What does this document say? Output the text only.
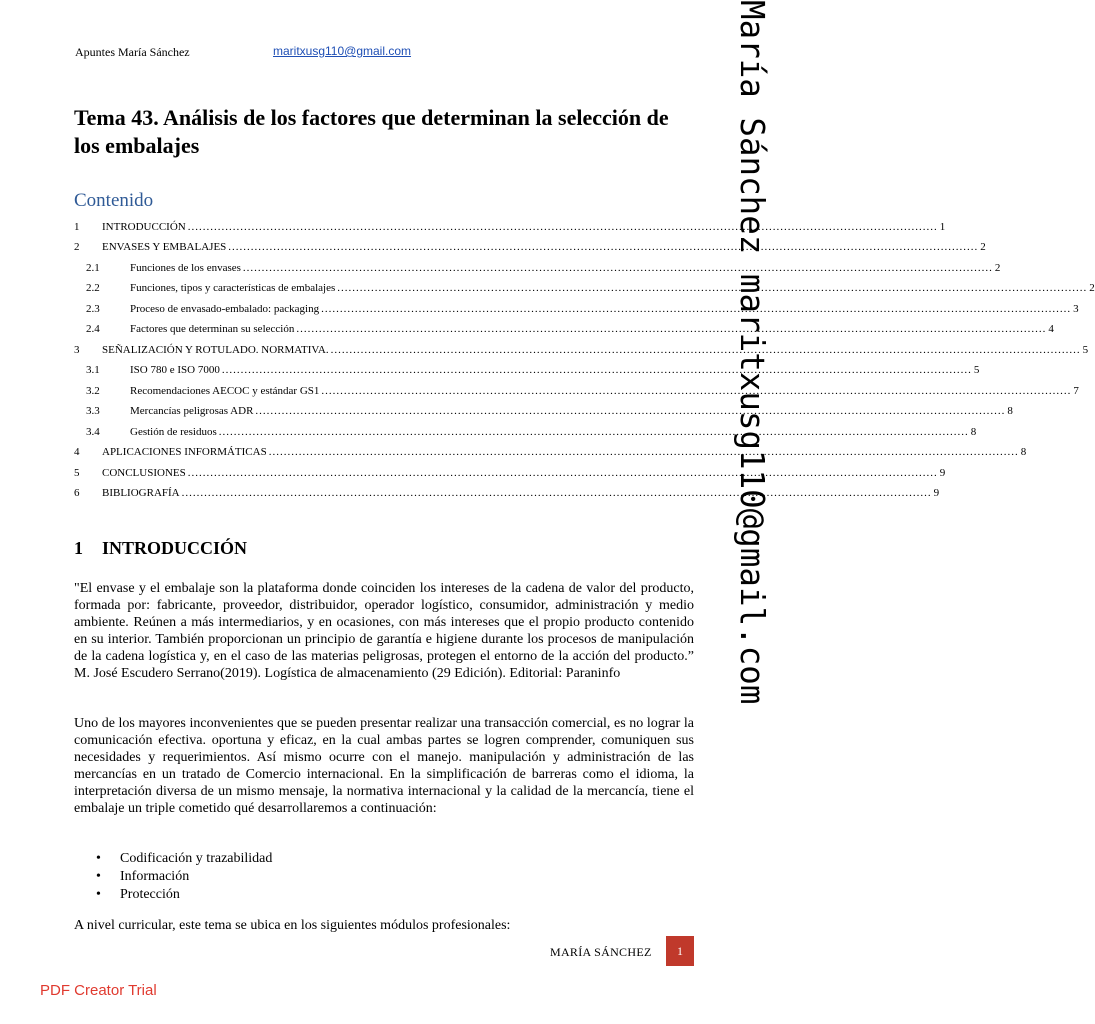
Apuntes María Sánchez	maritxusg110@gmail.com
Tema 43. Análisis de los factores que determinan la selección de los embalajes
Contenido
1	INTRODUCCIÓN ........................................................................................................................................................................................................ 1
2	ENVASES Y EMBALAJES ........................................................................................................................................................................................................ 2
2.1	Funciones de los envases ........................................................................................................................................................................................................ 2
2.2	Funciones, tipos y características de embalajes ........................................................................................................................................................................................................ 2
2.3	Proceso de envasado-embalado: packaging ........................................................................................................................................................................................................ 3
2.4	Factores que determinan su selección ........................................................................................................................................................................................................ 4
3	SEÑALIZACIÓN Y ROTULADO. NORMATIVA. ........................................................................................................................................................................................................ 5
3.1	ISO 780 e ISO 7000 ........................................................................................................................................................................................................ 5
3.2	Recomendaciones AECOC y estándar GS1 ........................................................................................................................................................................................................ 7
3.3	Mercancías peligrosas ADR ........................................................................................................................................................................................................ 8
3.4	Gestión de residuos ........................................................................................................................................................................................................ 8
4	APLICACIONES INFORMÁTICAS ........................................................................................................................................................................................................ 8
5	CONCLUSIONES ........................................................................................................................................................................................................ 9
6	BIBLIOGRAFÍA ........................................................................................................................................................................................................ 9
1 INTRODUCCIÓN
"El envase y el embalaje son la plataforma donde coinciden los intereses de la cadena de valor del producto, formada por: fabricante, proveedor, distribuidor, operador logístico, consumidor, administración y medio ambiente. Reúnen a más intermediarios, y en ocasiones, con más intereses que el propio producto contenido en su interior. También proporcionan un principio de garantía e higiene durante los procesos de manipulación de la cadena logística y, en el caso de las materias peligrosas, protegen el entorno de la acción del producto.” M. José Escudero Serrano(2019). Logística de almacenamiento (29 Edición). Editorial: Paraninfo
Uno de los mayores inconvenientes que se pueden presentar realizar una transacción comercial, es no lograr la comunicación efectiva. oportuna y eficaz, en la cual ambas partes se logren comprender, comuniquen sus necesidades y requerimientos. Así mismo ocurre con el manejo. manipulación y administración de las mercancías en un tratado de Comercio internacional. En la simplificación de barreras como el idioma, la interpretación diversa de un mismo mensaje, la normativa internacional y la calidad de la mercancía, tiene el embalaje un triple cometido qué desarrollaremos a continuación:
• Codificación y trazabilidad
• Información
• Protección
A nivel curricular, este tema se ubica en los siguientes módulos profesionales:
MARÍA SÁNCHEZ	1
María Sánchez maritxusg110@gmail.com
PDF Creator Trial
